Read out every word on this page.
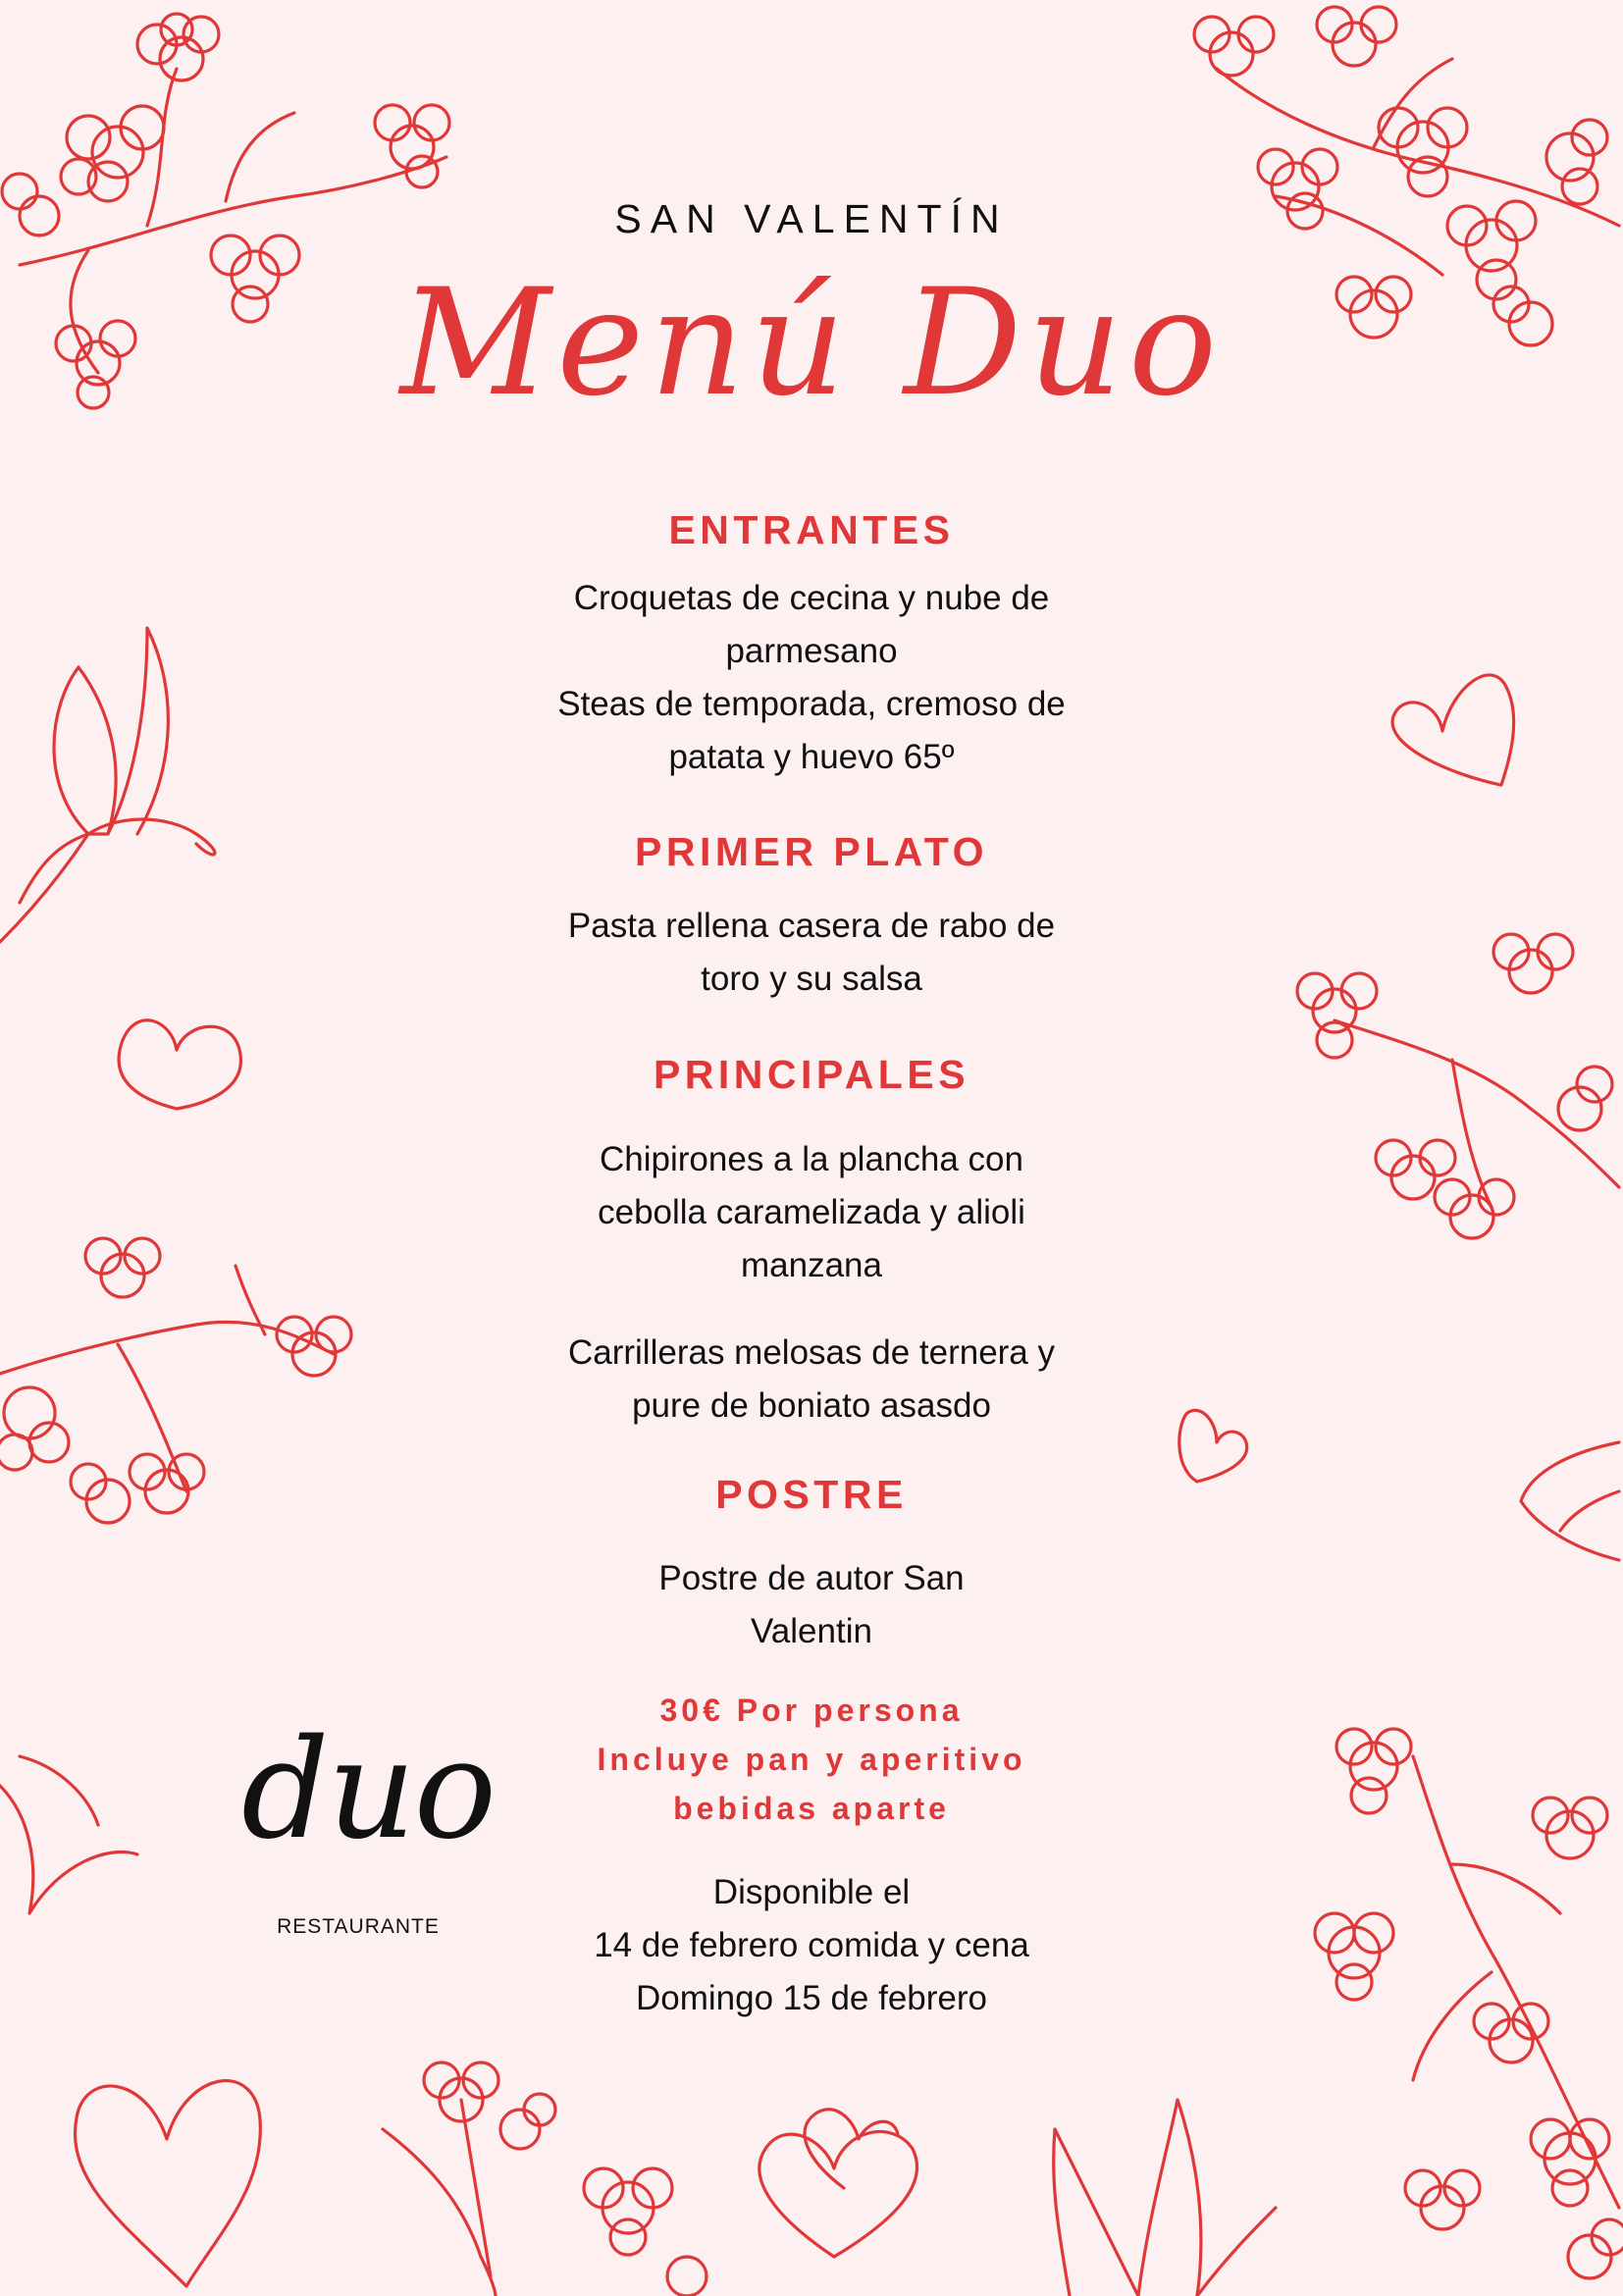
SAN VALENTÍN
Menú Duo
ENTRANTES
Croquetas de cecina y nube de
parmesano
Steas de temporada, cremoso de
patata y huevo 65º
PRIMER PLATO
Pasta rellena casera de rabo de
toro y su salsa
PRINCIPALES
Chipirones a la plancha con
cebolla caramelizada y alioli
manzana
Carrilleras melosas de ternera y
pure de boniato asasdo
POSTRE
Postre de autor San
Valentin
30€ Por persona
Incluye pan y aperitivo
bebidas aparte
Disponible el
14 de febrero comida y cena
Domingo 15 de febrero
duo
RESTAURANTE
